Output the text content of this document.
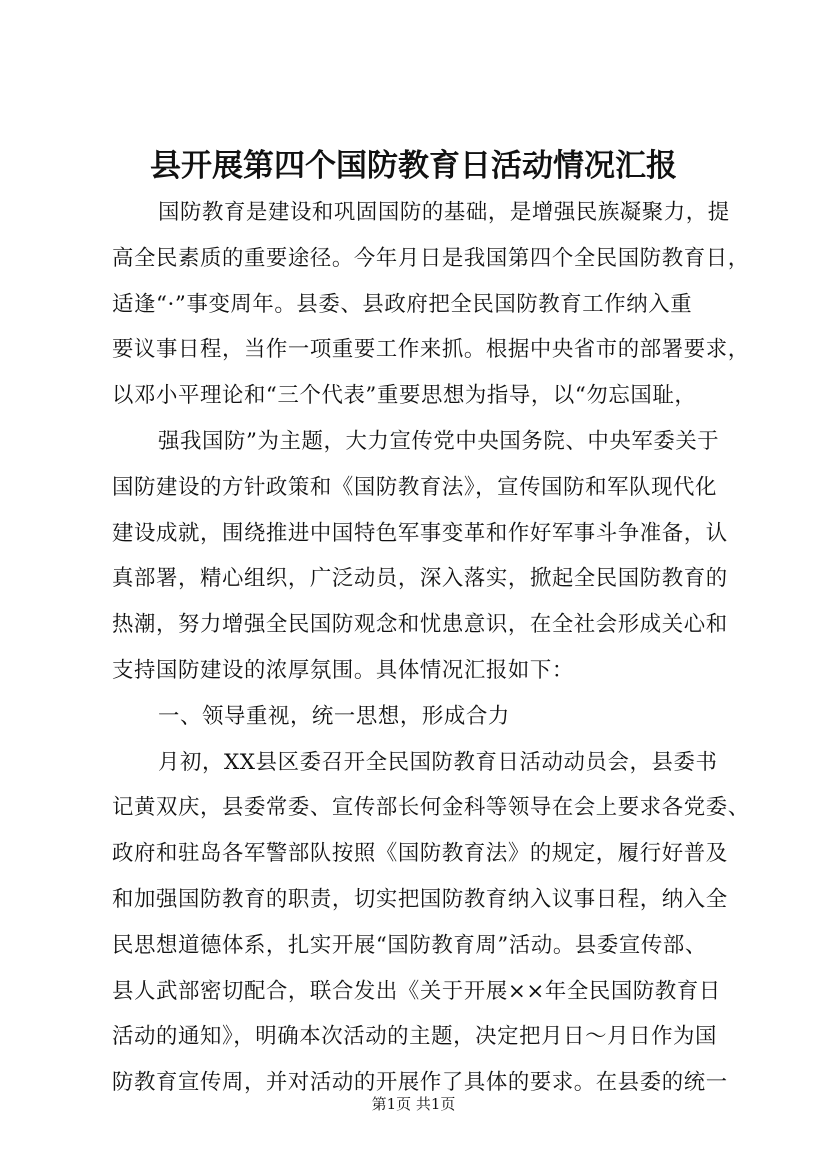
县开展第四个国防教育日活动情况汇报
国防教育是建设和巩固国防的基础，是增强民族凝聚力，提
高全民素质的重要途径。今年月日是我国第四个全民国防教育日，
适逢“·”事变周年。县委、县政府把全民国防教育工作纳入重
要议事日程，当作一项重要工作来抓。根据中央省市的部署要求，
以邓小平理论和“三个代表”重要思想为指导，以“勿忘国耻，
强我国防”为主题，大力宣传党中央国务院、中央军委关于
国防建设的方针政策和《国防教育法》，宣传国防和军队现代化
建设成就，围绕推进中国特色军事变革和作好军事斗争准备，认
真部署，精心组织，广泛动员，深入落实，掀起全民国防教育的
热潮，努力增强全民国防观念和忧患意识，在全社会形成关心和
支持国防建设的浓厚氛围。具体情况汇报如下：
一、领导重视，统一思想，形成合力
月初，XX县区委召开全民国防教育日活动动员会，县委书
记黄双庆，县委常委、宣传部长何金科等领导在会上要求各党委、
政府和驻岛各军警部队按照《国防教育法》的规定，履行好普及
和加强国防教育的职责，切实把国防教育纳入议事日程，纳入全
民思想道德体系，扎实开展“国防教育周”活动。县委宣传部、
县人武部密切配合，联合发出《关于开展××年全民国防教育日
活动的通知》，明确本次活动的主题，决定把月日～月日作为国
防教育宣传周，并对活动的开展作了具体的要求。在县委的统一
第1页 共1页
